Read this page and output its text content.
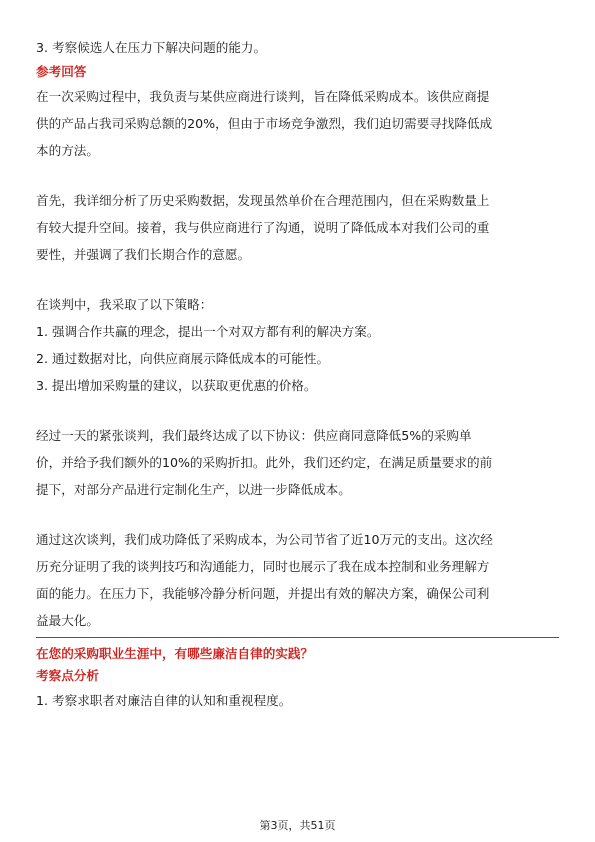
3. 考察候选人在压力下解决问题的能力。
参考回答
在一次采购过程中，我负责与某供应商进行谈判，旨在降低采购成本。该供应商提
供的产品占我司采购总额的20%，但由于市场竞争激烈，我们迫切需要寻找降低成
本的方法。
首先，我详细分析了历史采购数据，发现虽然单价在合理范围内，但在采购数量上
有较大提升空间。接着，我与供应商进行了沟通，说明了降低成本对我们公司的重
要性，并强调了我们长期合作的意愿。
在谈判中，我采取了以下策略：
1. 强调合作共赢的理念，提出一个对双方都有利的解决方案。
2. 通过数据对比，向供应商展示降低成本的可能性。
3. 提出增加采购量的建议，以获取更优惠的价格。
经过一天的紧张谈判，我们最终达成了以下协议：供应商同意降低5%的采购单
价，并给予我们额外的10%的采购折扣。此外，我们还约定，在满足质量要求的前
提下，对部分产品进行定制化生产，以进一步降低成本。
通过这次谈判，我们成功降低了采购成本，为公司节省了近10万元的支出。这次经
历充分证明了我的谈判技巧和沟通能力，同时也展示了我在成本控制和业务理解方
面的能力。在压力下，我能够冷静分析问题，并提出有效的解决方案，确保公司利
益最大化。
在您的采购职业生涯中，有哪些廉洁自律的实践？
考察点分析
1. 考察求职者对廉洁自律的认知和重视程度。
第3页，共51页
